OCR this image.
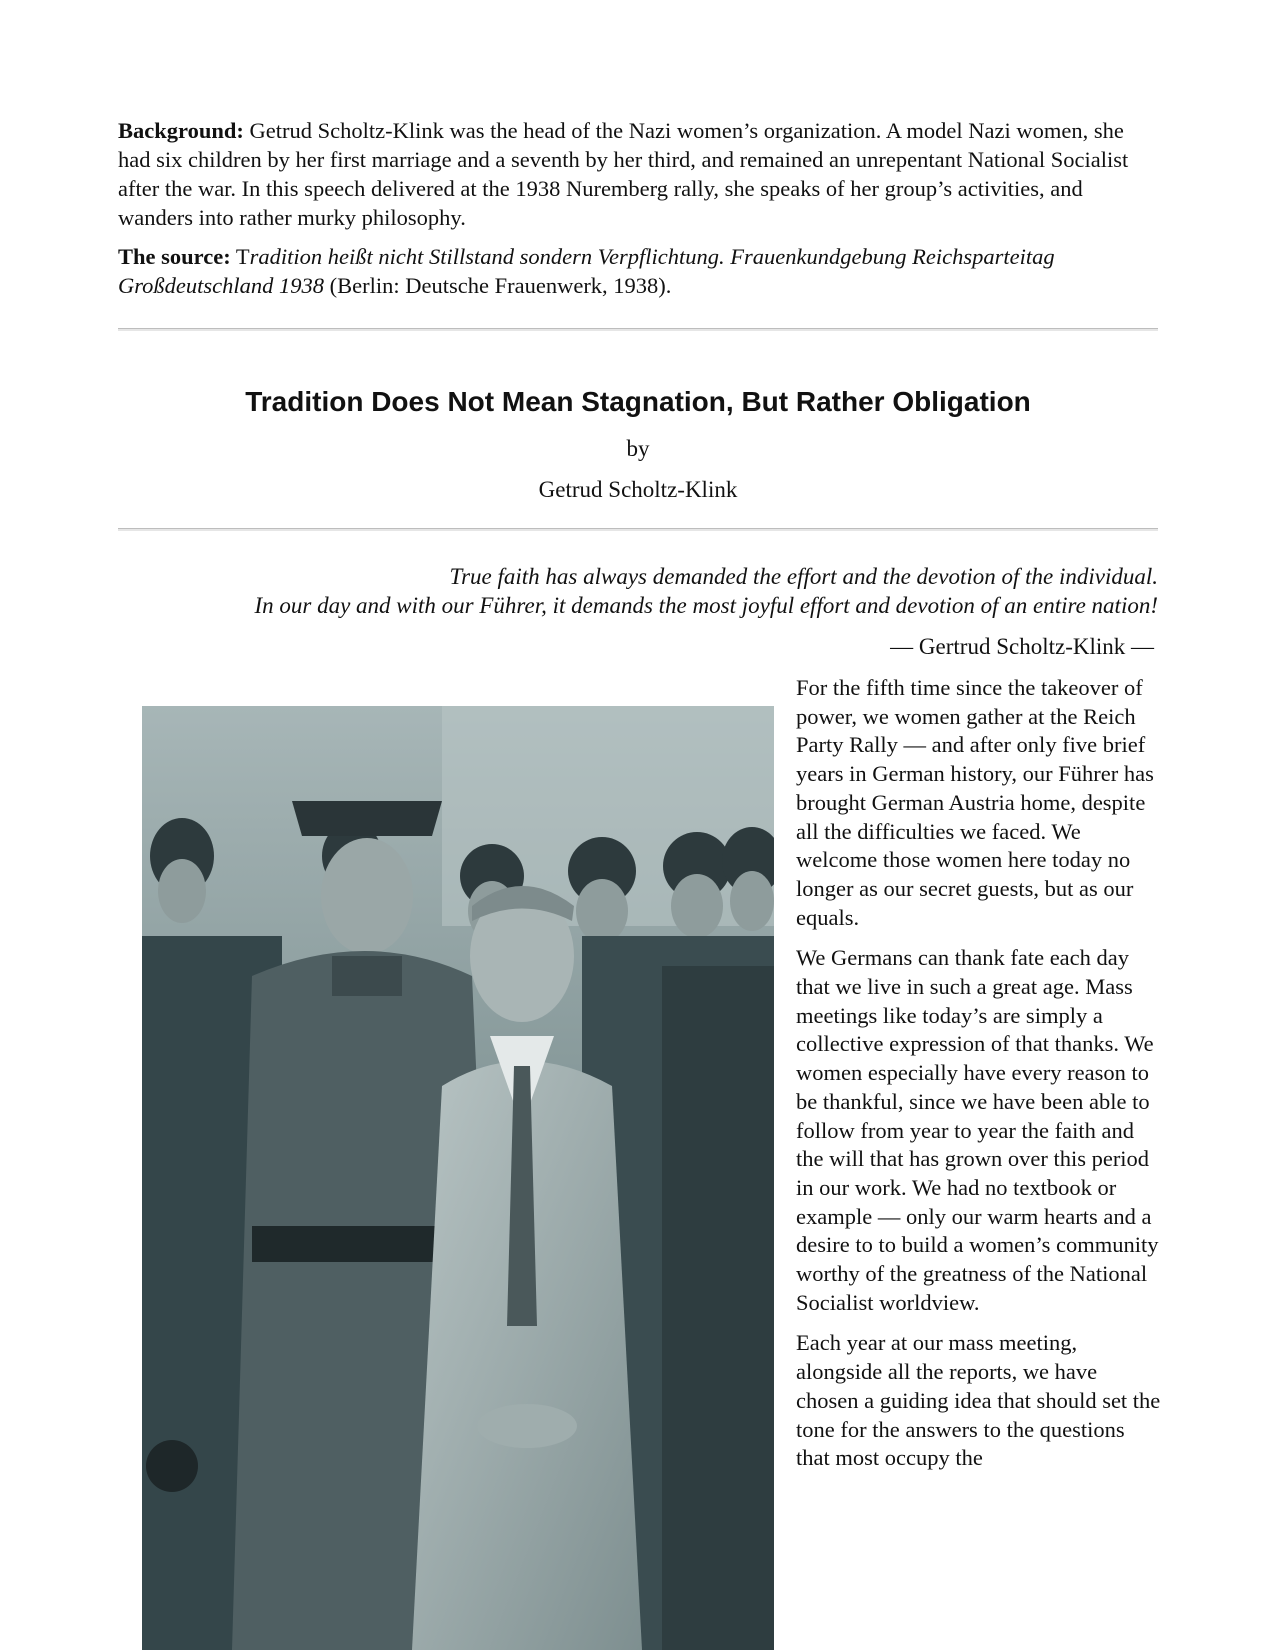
Background: Getrud Scholtz-Klink was the head of the Nazi women’s organization. A model Nazi women, she had six children by her first marriage and a seventh by her third, and remained an unrepentant National Socialist after the war. In this speech delivered at the 1938 Nuremberg rally, she speaks of her group’s activities, and wanders into rather murky philosophy.

The source: Tradition heißt nicht Stillstand sondern Verpflichtung. Frauenkundgebung Reichsparteitag Großdeutschland 1938 (Berlin: Deutsche Frauenwerk, 1938).

Tradition Does Not Mean Stagnation, But Rather Obligation
by
Getrud Scholtz-Klink
True faith has always demanded the effort and the devotion of the individual.
In our day and with our Führer, it demands the most joyful effort and devotion of an entire nation!
— Gertrud Scholtz-Klink —

For the fifth time since the takeover of power, we women gather at the Reich Party Rally — and after only five brief years in German history, our Führer has brought German Austria home, despite all the difficulties we faced. We welcome those women here today no longer as our secret guests, but as our equals.

We Germans can thank fate each day that we live in such a great age. Mass meetings like today’s are simply a collective expression of that thanks. We women especially have every reason to be thankful, since we have been able to follow from year to year the faith and the will that has grown over this period in our work. We had no textbook or example — only our warm hearts and a desire to to build a women’s community worthy of the greatness of the National Socialist worldview.

Each year at our mass meeting, alongside all the reports, we have chosen a guiding idea that should set the tone for the answers to the questions that most occupy the
